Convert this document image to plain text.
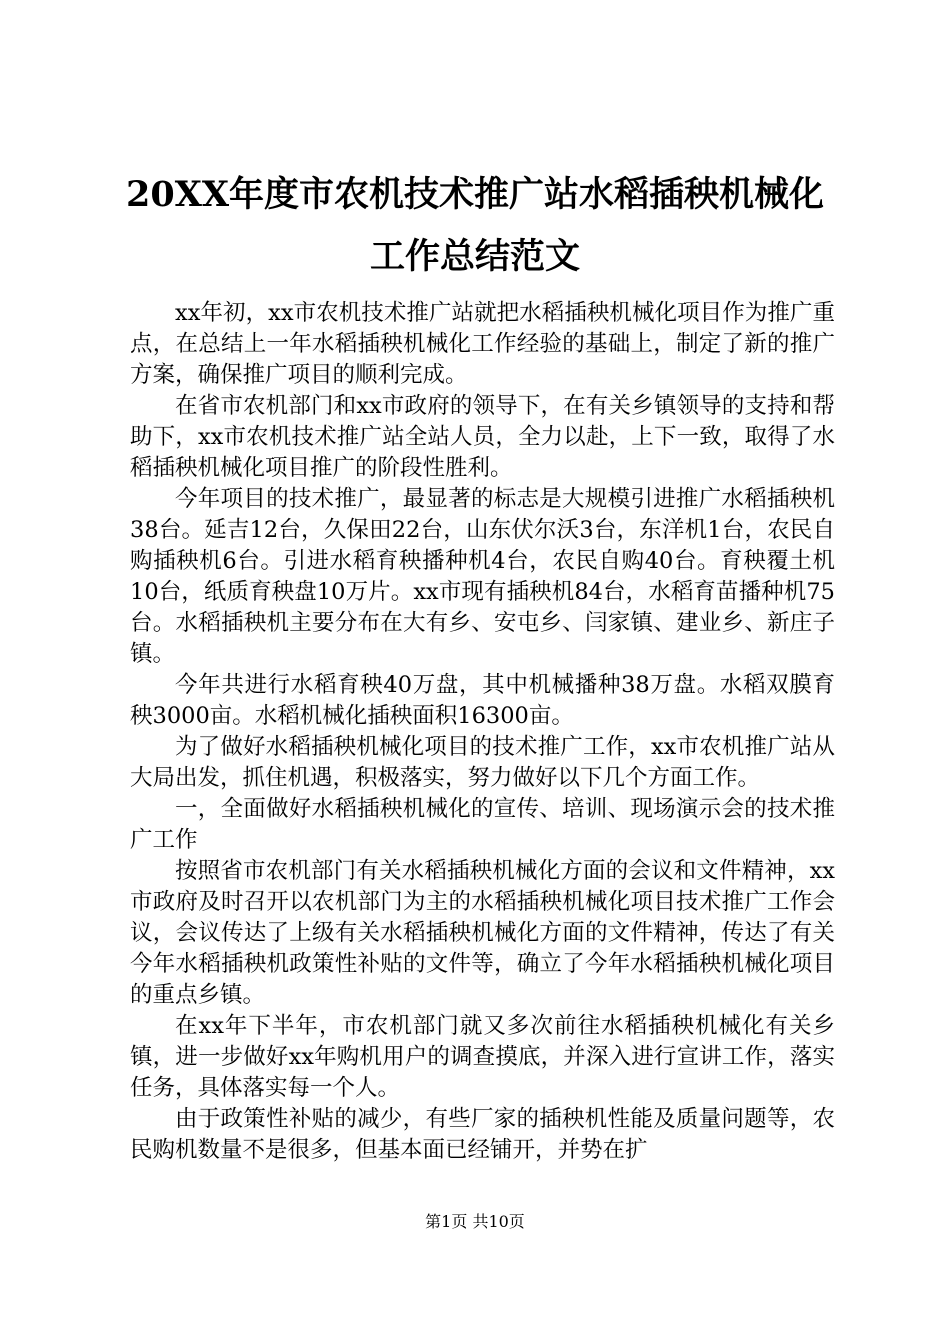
20XX年度市农机技术推广站水稻插秧机械化
工作总结范文

xx年初，xx市农机技术推广站就把水稻插秧机械化项目作为推广重点，在总结上一年水稻插秧机械化工作经验的基础上，制定了新的推广方案，确保推广项目的顺利完成。

在省市农机部门和xx市政府的领导下，在有关乡镇领导的支持和帮助下，xx市农机技术推广站全站人员，全力以赴，上下一致，取得了水稻插秧机械化项目推广的阶段性胜利。

今年项目的技术推广，最显著的标志是大规模引进推广水稻插秧机38台。延吉12台，久保田22台，山东伏尔沃3台，东洋机1台，农民自购插秧机6台。引进水稻育秧播种机4台，农民自购40台。育秧覆土机10台，纸质育秧盘10万片。xx市现有插秧机84台，水稻育苗播种机75台。水稻插秧机主要分布在大有乡、安屯乡、闫家镇、建业乡、新庄子镇。

今年共进行水稻育秧40万盘，其中机械播种38万盘。水稻双膜育秧3000亩。水稻机械化插秧面积16300亩。

为了做好水稻插秧机械化项目的技术推广工作，xx市农机推广站从大局出发，抓住机遇，积极落实，努力做好以下几个方面工作。

一，全面做好水稻插秧机械化的宣传、培训、现场演示会的技术推广工作

按照省市农机部门有关水稻插秧机械化方面的会议和文件精神，xx市政府及时召开以农机部门为主的水稻插秧机械化项目技术推广工作会议，会议传达了上级有关水稻插秧机械化方面的文件精神，传达了有关今年水稻插秧机政策性补贴的文件等，确立了今年水稻插秧机械化项目的重点乡镇。

在xx年下半年，市农机部门就又多次前往水稻插秧机械化有关乡镇，进一步做好xx年购机用户的调查摸底，并深入进行宣讲工作，落实任务，具体落实每一个人。

由于政策性补贴的减少，有些厂家的插秧机性能及质量问题等，农民购机数量不是很多，但基本面已经铺开，并势在扩

第1页 共10页
